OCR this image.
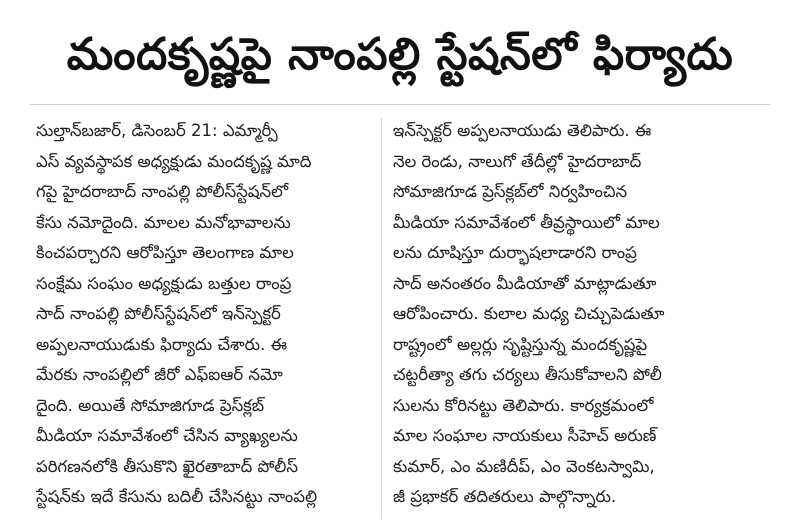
మందకృష్ణపై నాంపల్లి స్టేషన్‌లో ఫిర్యాదు
సుల్తాన్‌బజార్, డిసెంబర్ 21: ఎమ్మార్పీ
ఎస్ వ్యవస్థాపక అధ్యక్షుడు మందకృష్ణ మాది
గపై హైదరాబాద్ నాంపల్లి పోలీస్‌స్టేషన్‌లో
కేసు నమోదైంది. మాలల మనోభావాలను
కించపర్చారని ఆరోపిస్తూ తెలంగాణ మాల
సంక్షేమ సంఘం అధ్యక్షుడు బత్తుల రాంప్ర
సాద్ నాంపల్లి పోలీస్‌స్టేషన్‌లో ఇన్‌స్పెక్టర్
అప్పలనాయుడుకు ఫిర్యాదు చేశారు. ఈ
మేరకు నాంపల్లిలో జీరో ఎఫ్ఐఆర్ నమో
దైంది. అయితే సోమాజిగూడ ప్రెస్‌క్లబ్
మీడియా సమావేశంలో చేసిన వ్యాఖ్యలను
పరిగణనలోకి తీసుకొని ఖైరతాబాద్ పోలీస్
స్టేషన్‌కు ఇదే కేసును బదిలీ చేసినట్టు నాంపల్లి
ఇన్‌స్పెక్టర్ అప్పలనాయుడు తెలిపారు. ఈ
నెల రెండు, నాలుగో తేదీల్లో హైదరాబాద్
సోమాజిగూడ ప్రెస్‌క్లబ్‌లో నిర్వహించిన
మీడియా సమావేశంలో తీవ్రస్థాయిలో మాల
లను దూషిస్తూ దుర్భాషలాడారని రాంప్ర
సాద్ అనంతరం మీడియాతో మాట్లాడుతూ
ఆరోపించారు. కులాల మధ్య చిచ్చుపెడుతూ
రాష్ట్రంలో అల్లర్లు సృష్టిస్తున్న మందకృష్ణపై
చట్టరీత్యా తగు చర్యలు తీసుకోవాలని పోలీ
సులను కోరినట్టు తెలిపారు. కార్యక్రమంలో
మాల సంఘాల నాయకులు సీహెచ్ అరుణ్
కుమార్, ఎం మణిదీప్, ఎం వెంకటస్వామి,
జీ ప్రభాకర్ తదితరులు పాల్గొన్నారు.
